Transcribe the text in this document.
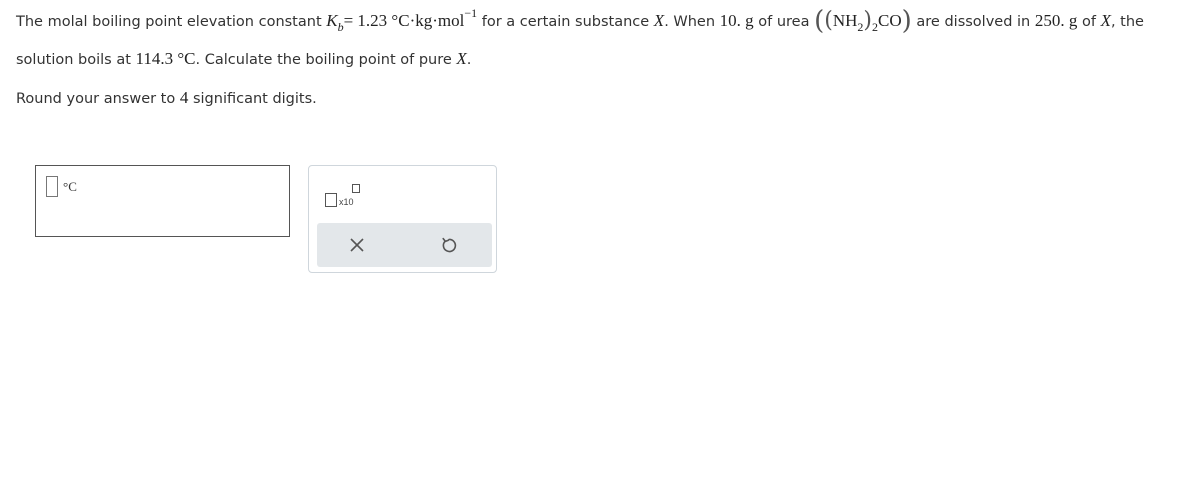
The molal boiling point elevation constant $K_b= 1.23$ °C·kg·mol$^{-1}$ for a certain substance X. When 10. g of urea $((NH_2)_2CO)$ are dissolved in 250. g of X, the
solution boils at 114.3 °C. Calculate the boiling point of pure X.
Round your answer to 4 significant digits.
°C
x10
